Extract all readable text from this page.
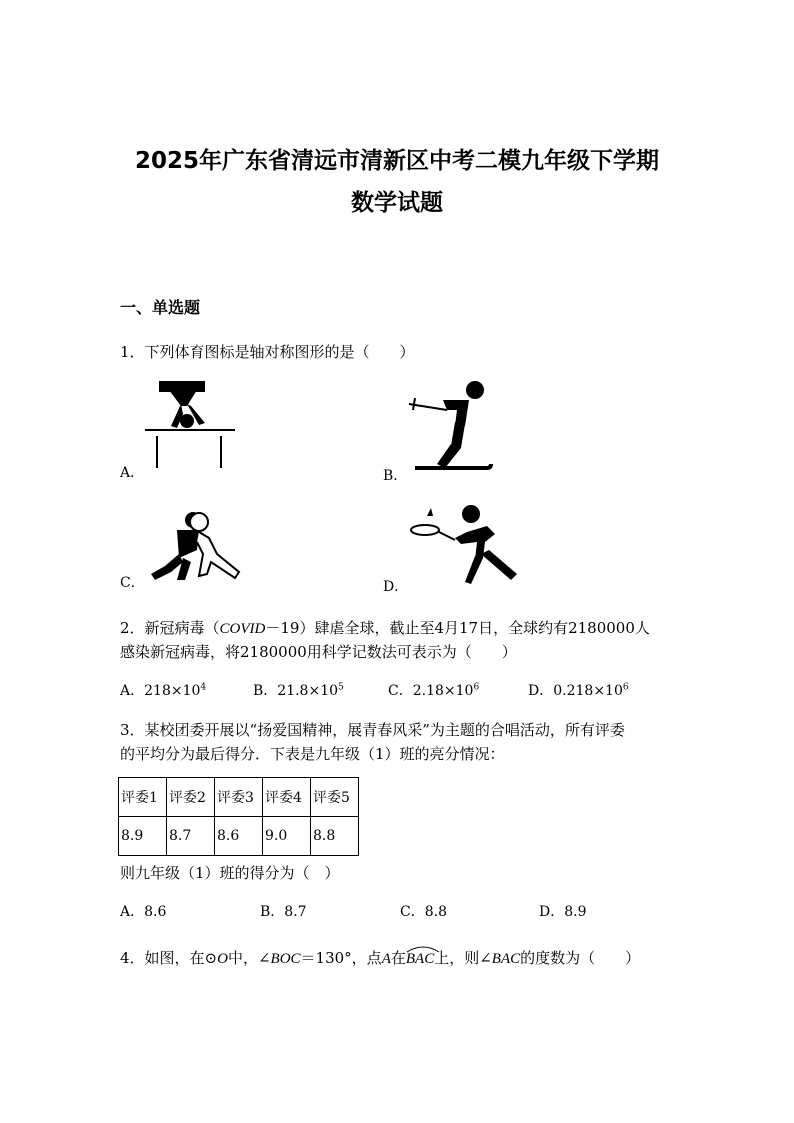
2025年广东省清远市清新区中考二模九年级下学期
数学试题
一、单选题
1．下列体育图标是轴对称图形的是（　　）
A．	B．
C．	D．
2．新冠病毒（COVID－19）肆虐全球，截止至4月17日，全球约有2180000人
感染新冠病毒，将2180000用科学记数法可表示为（　　）
A．$218\times 10^4$	B．$21.8\times 10^5$	C．$2.18\times 10^6$	D．$0.218\times 10^6$
3．某校团委开展以“扬爱国精神，展青春风采”为主题的合唱活动，所有评委
的平均分为最后得分．下表是九年级（1）班的亮分情况：
评委1	评委2	评委3	评委4	评委5
8.9	8.7	8.6	9.0	8.8
则九年级（1）班的得分为（　）
A．8.6	B．8.7	C．8.8	D．8.9
4．如图，在⊙O中，∠BOC＝130°，点A在
BAC上，则∠BAC的度数为（　　）
